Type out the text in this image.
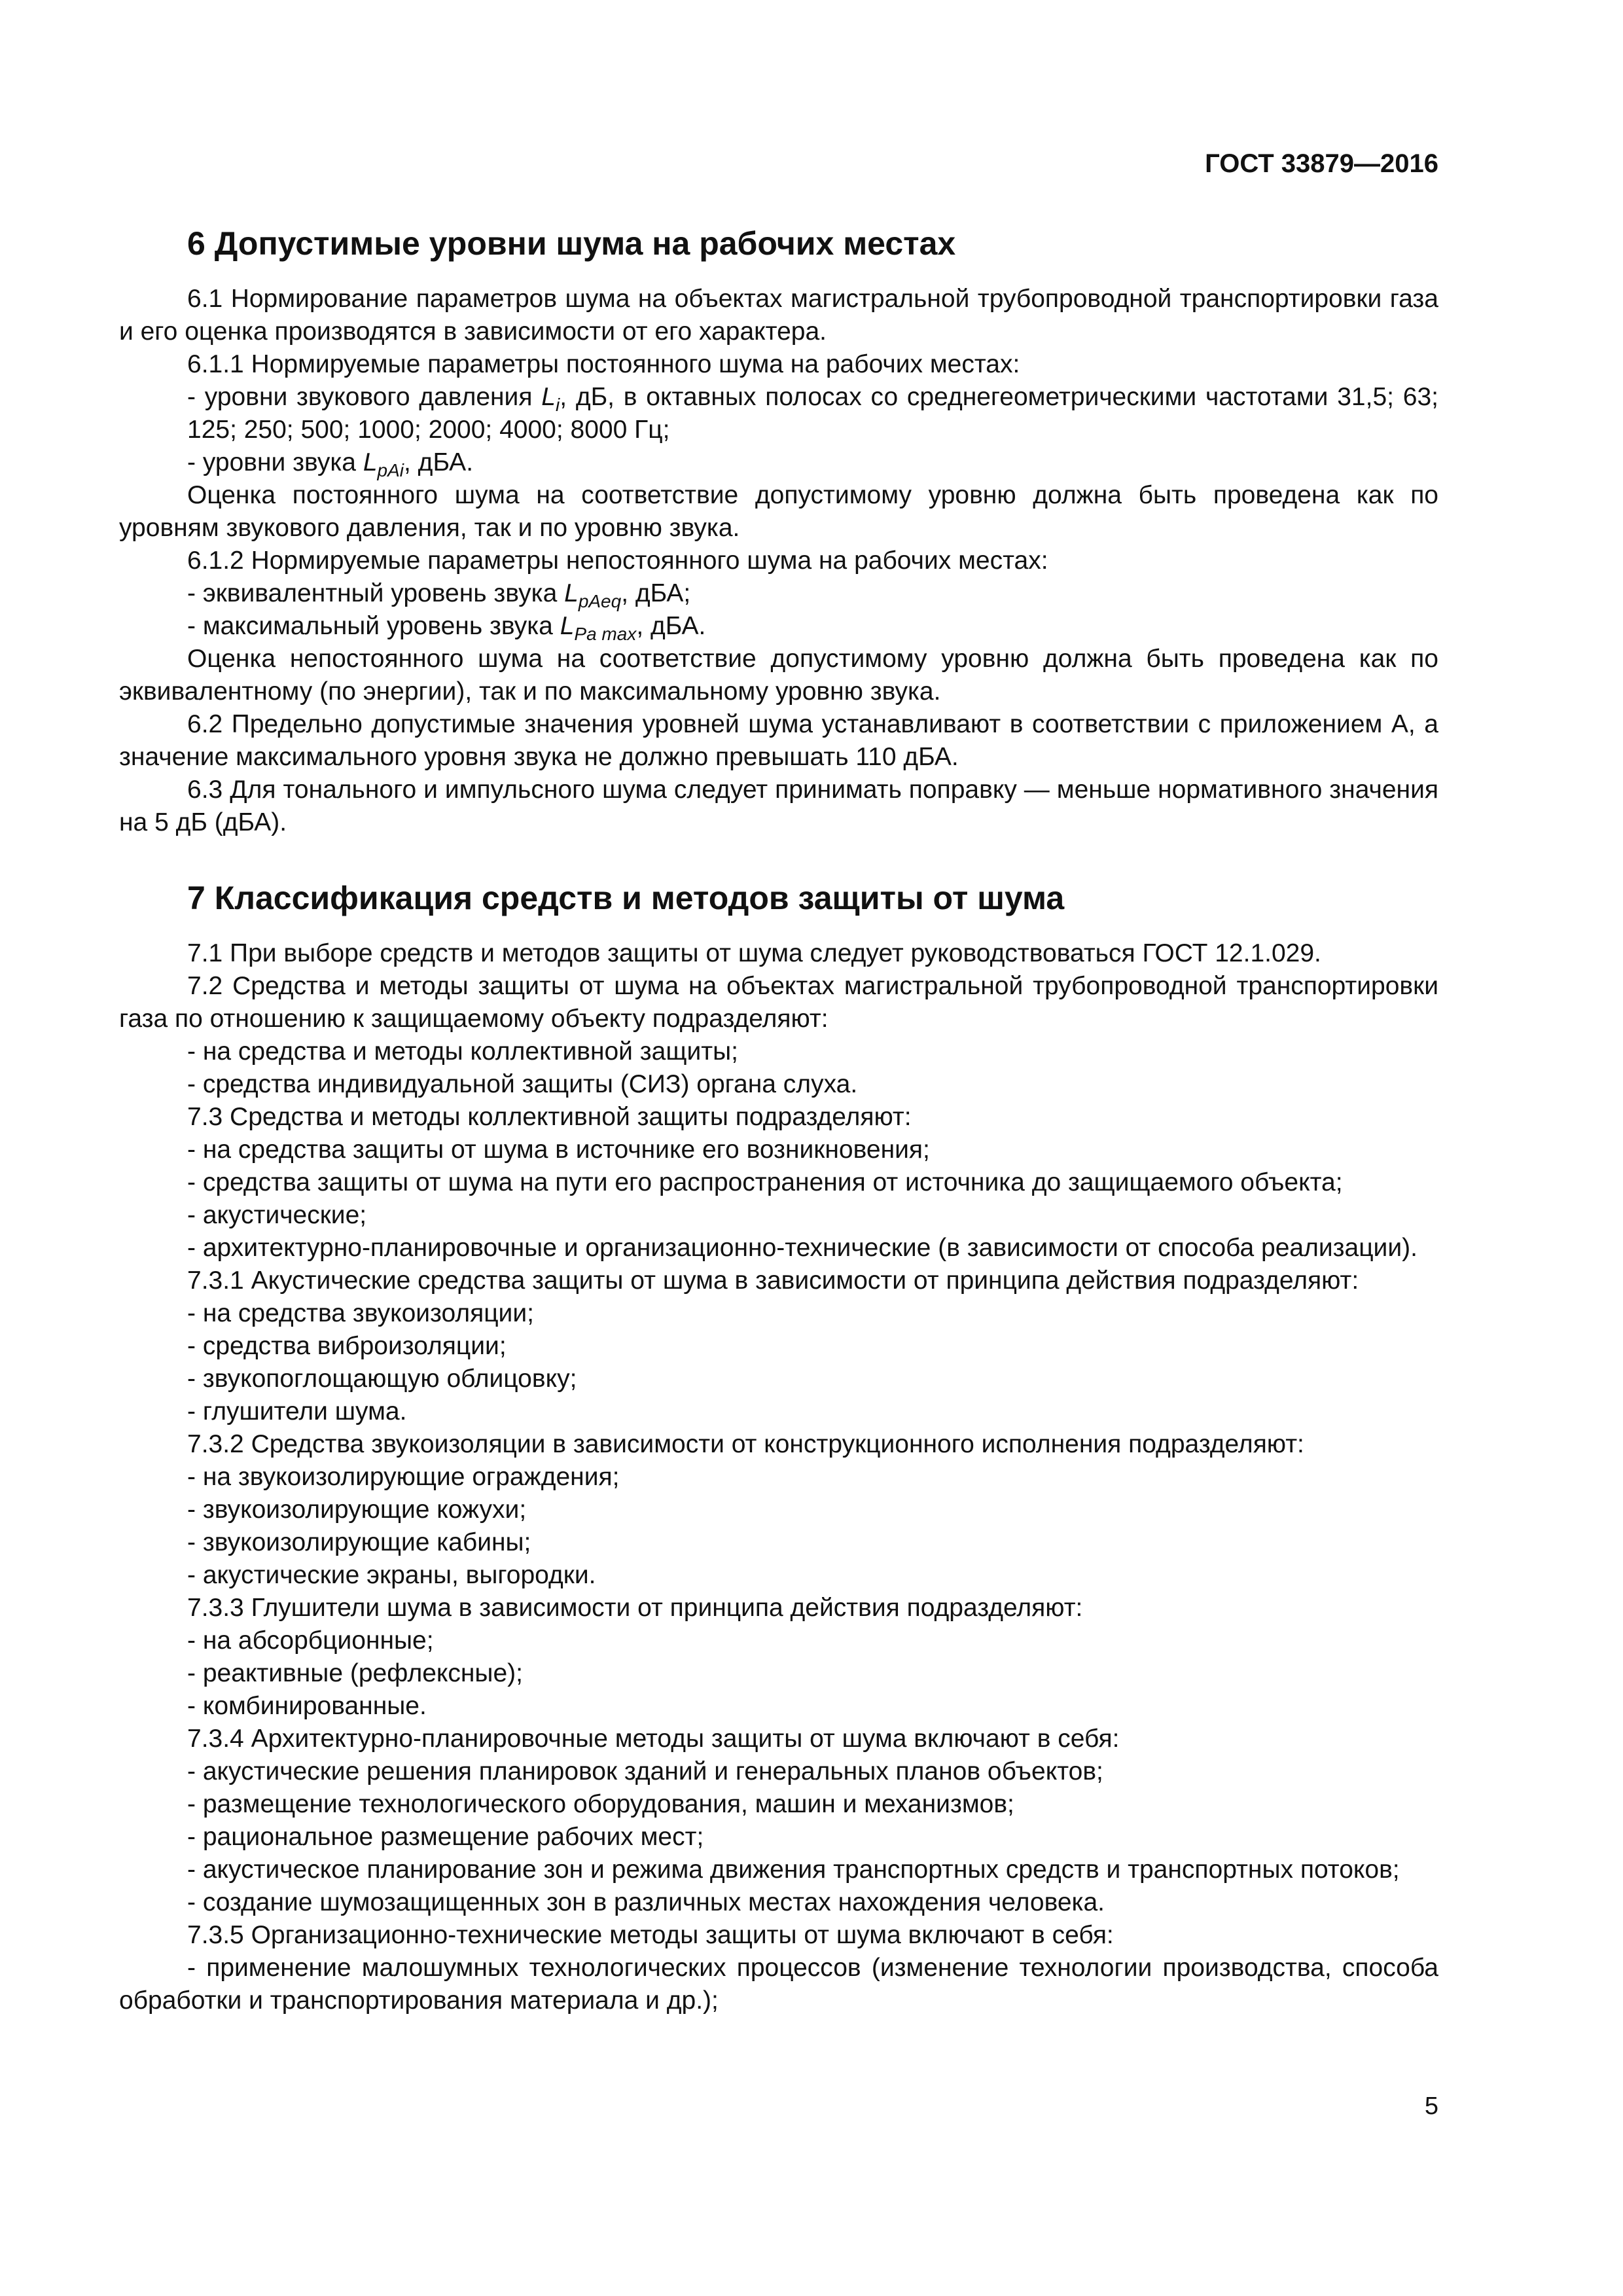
ГОСТ 33879—2016
6 Допустимые уровни шума на рабочих местах

6.1 Нормирование параметров шума на объектах магистральной трубопроводной транспортировки газа и его оценка производятся в зависимости от его характера.

6.1.1 Нормируемые параметры постоянного шума на рабочих местах:

- уровни звукового давления $L_i$, дБ, в октавных полосах со среднегеометрическими частотами 31,5; 63; 125; 250; 500; 1000; 2000; 4000; 8000 Гц;

- уровни звука $L_{pAi}$, дБА.

Оценка постоянного шума на соответствие допустимому уровню должна быть проведена как по уровням звукового давления, так и по уровню звука.

6.1.2 Нормируемые параметры непостоянного шума на рабочих местах:

- эквивалентный уровень звука $L_{pAeq}$, дБА;

- максимальный уровень звука $L_{Pa max}$, дБА.

Оценка непостоянного шума на соответствие допустимому уровню должна быть проведена как по эквивалентному (по энергии), так и по максимальному уровню звука.

6.2 Предельно допустимые значения уровней шума устанавливают в соответствии с приложением А, а значение максимального уровня звука не должно превышать 110 дБА.

6.3 Для тонального и импульсного шума следует принимать поправку — меньше нормативного значения на 5 дБ (дБА).

7 Классификация средств и методов защиты от шума

7.1 При выборе средств и методов защиты от шума следует руководствоваться ГОСТ 12.1.029.

7.2 Средства и методы защиты от шума на объектах магистральной трубопроводной транспортировки газа по отношению к защищаемому объекту подразделяют:

- на средства и методы коллективной защиты;

- средства индивидуальной защиты (СИЗ) органа слуха.

7.3 Средства и методы коллективной защиты подразделяют:

- на средства защиты от шума в источнике его возникновения;

- средства защиты от шума на пути его распространения от источника до защищаемого объекта;

- акустические;

- архитектурно-планировочные и организационно-технические (в зависимости от способа реализации).

7.3.1 Акустические средства защиты от шума в зависимости от принципа действия подразделяют:

- на средства звукоизоляции;

- средства виброизоляции;

- звукопоглощающую облицовку;

- глушители шума.

7.3.2 Средства звукоизоляции в зависимости от конструкционного исполнения подразделяют:

- на звукоизолирующие ограждения;

- звукоизолирующие кожухи;

- звукоизолирующие кабины;

- акустические экраны, выгородки.

7.3.3 Глушители шума в зависимости от принципа действия подразделяют:

- на абсорбционные;

- реактивные (рефлексные);

- комбинированные.

7.3.4 Архитектурно-планировочные методы защиты от шума включают в себя:

- акустические решения планировок зданий и генеральных планов объектов;

- размещение технологического оборудования, машин и механизмов;

- рациональное размещение рабочих мест;

- акустическое планирование зон и режима движения транспортных средств и транспортных потоков;

- создание шумозащищенных зон в различных местах нахождения человека.

7.3.5 Организационно-технические методы защиты от шума включают в себя:

- применение малошумных технологических процессов (изменение технологии производства, способа обработки и транспортирования материала и др.);

5
